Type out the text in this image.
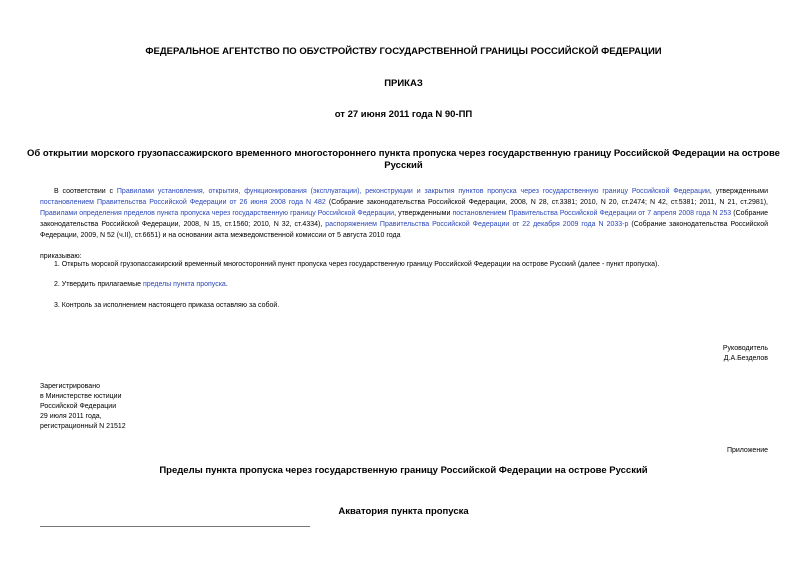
ФЕДЕРАЛЬНОЕ АГЕНТСТВО ПО ОБУСТРОЙСТВУ ГОСУДАРСТВЕННОЙ ГРАНИЦЫ РОССИЙСКОЙ ФЕДЕРАЦИИ
ПРИКАЗ
от 27 июня 2011 года N 90-ПП
Об открытии морского грузопассажирского временного многостороннего пункта пропуска через государственную границу Российской Федерации на острове
Русский
В соответствии с Правилами установления, открытия, функционирования (эксплуатации), реконструкции и закрытия пунктов пропуска через государственную границу Российской Федерации, утвержденными постановлением Правительства Российской Федерации от 26 июня 2008 года N 482 (Собрание законодательства Российской Федерации, 2008, N 28, ст.3381; 2010, N 20, ст.2474; N 42, ст.5381; 2011, N 21, ст.2981), Правилами определения пределов пункта пропуска через государственную границу Российской Федерации, утвержденными постановлением Правительства Российской Федерации от 7 апреля 2008 года N 253 (Собрание законодательства Российской Федерации, 2008, N 15, ст.1560; 2010, N 32, ст.4334), распоряжением Правительства Российской Федерации от 22 декабря 2009 года N 2033-р (Собрание законодательства Российской Федерации, 2009, N 52 (ч.II), ст.6651) и на основании акта межведомственной комиссии от 5 августа 2010 года
приказываю:
1. Открыть морской грузопассажирский временный многосторонний пункт пропуска через государственную границу Российской Федерации на острове Русский (далее - пункт пропуска).
2. Утвердить прилагаемые пределы пункта пропуска.
3. Контроль за исполнением настоящего приказа оставляю за собой.
Руководитель
Д.А.Безделов
Зарегистрировано
в Министерстве юстиции
Российской Федерации
29 июля 2011 года,
регистрационный N 21512
Приложение
Пределы пункта пропуска через государственную границу Российской Федерации на острове Русский
Акватория пункта пропуска
